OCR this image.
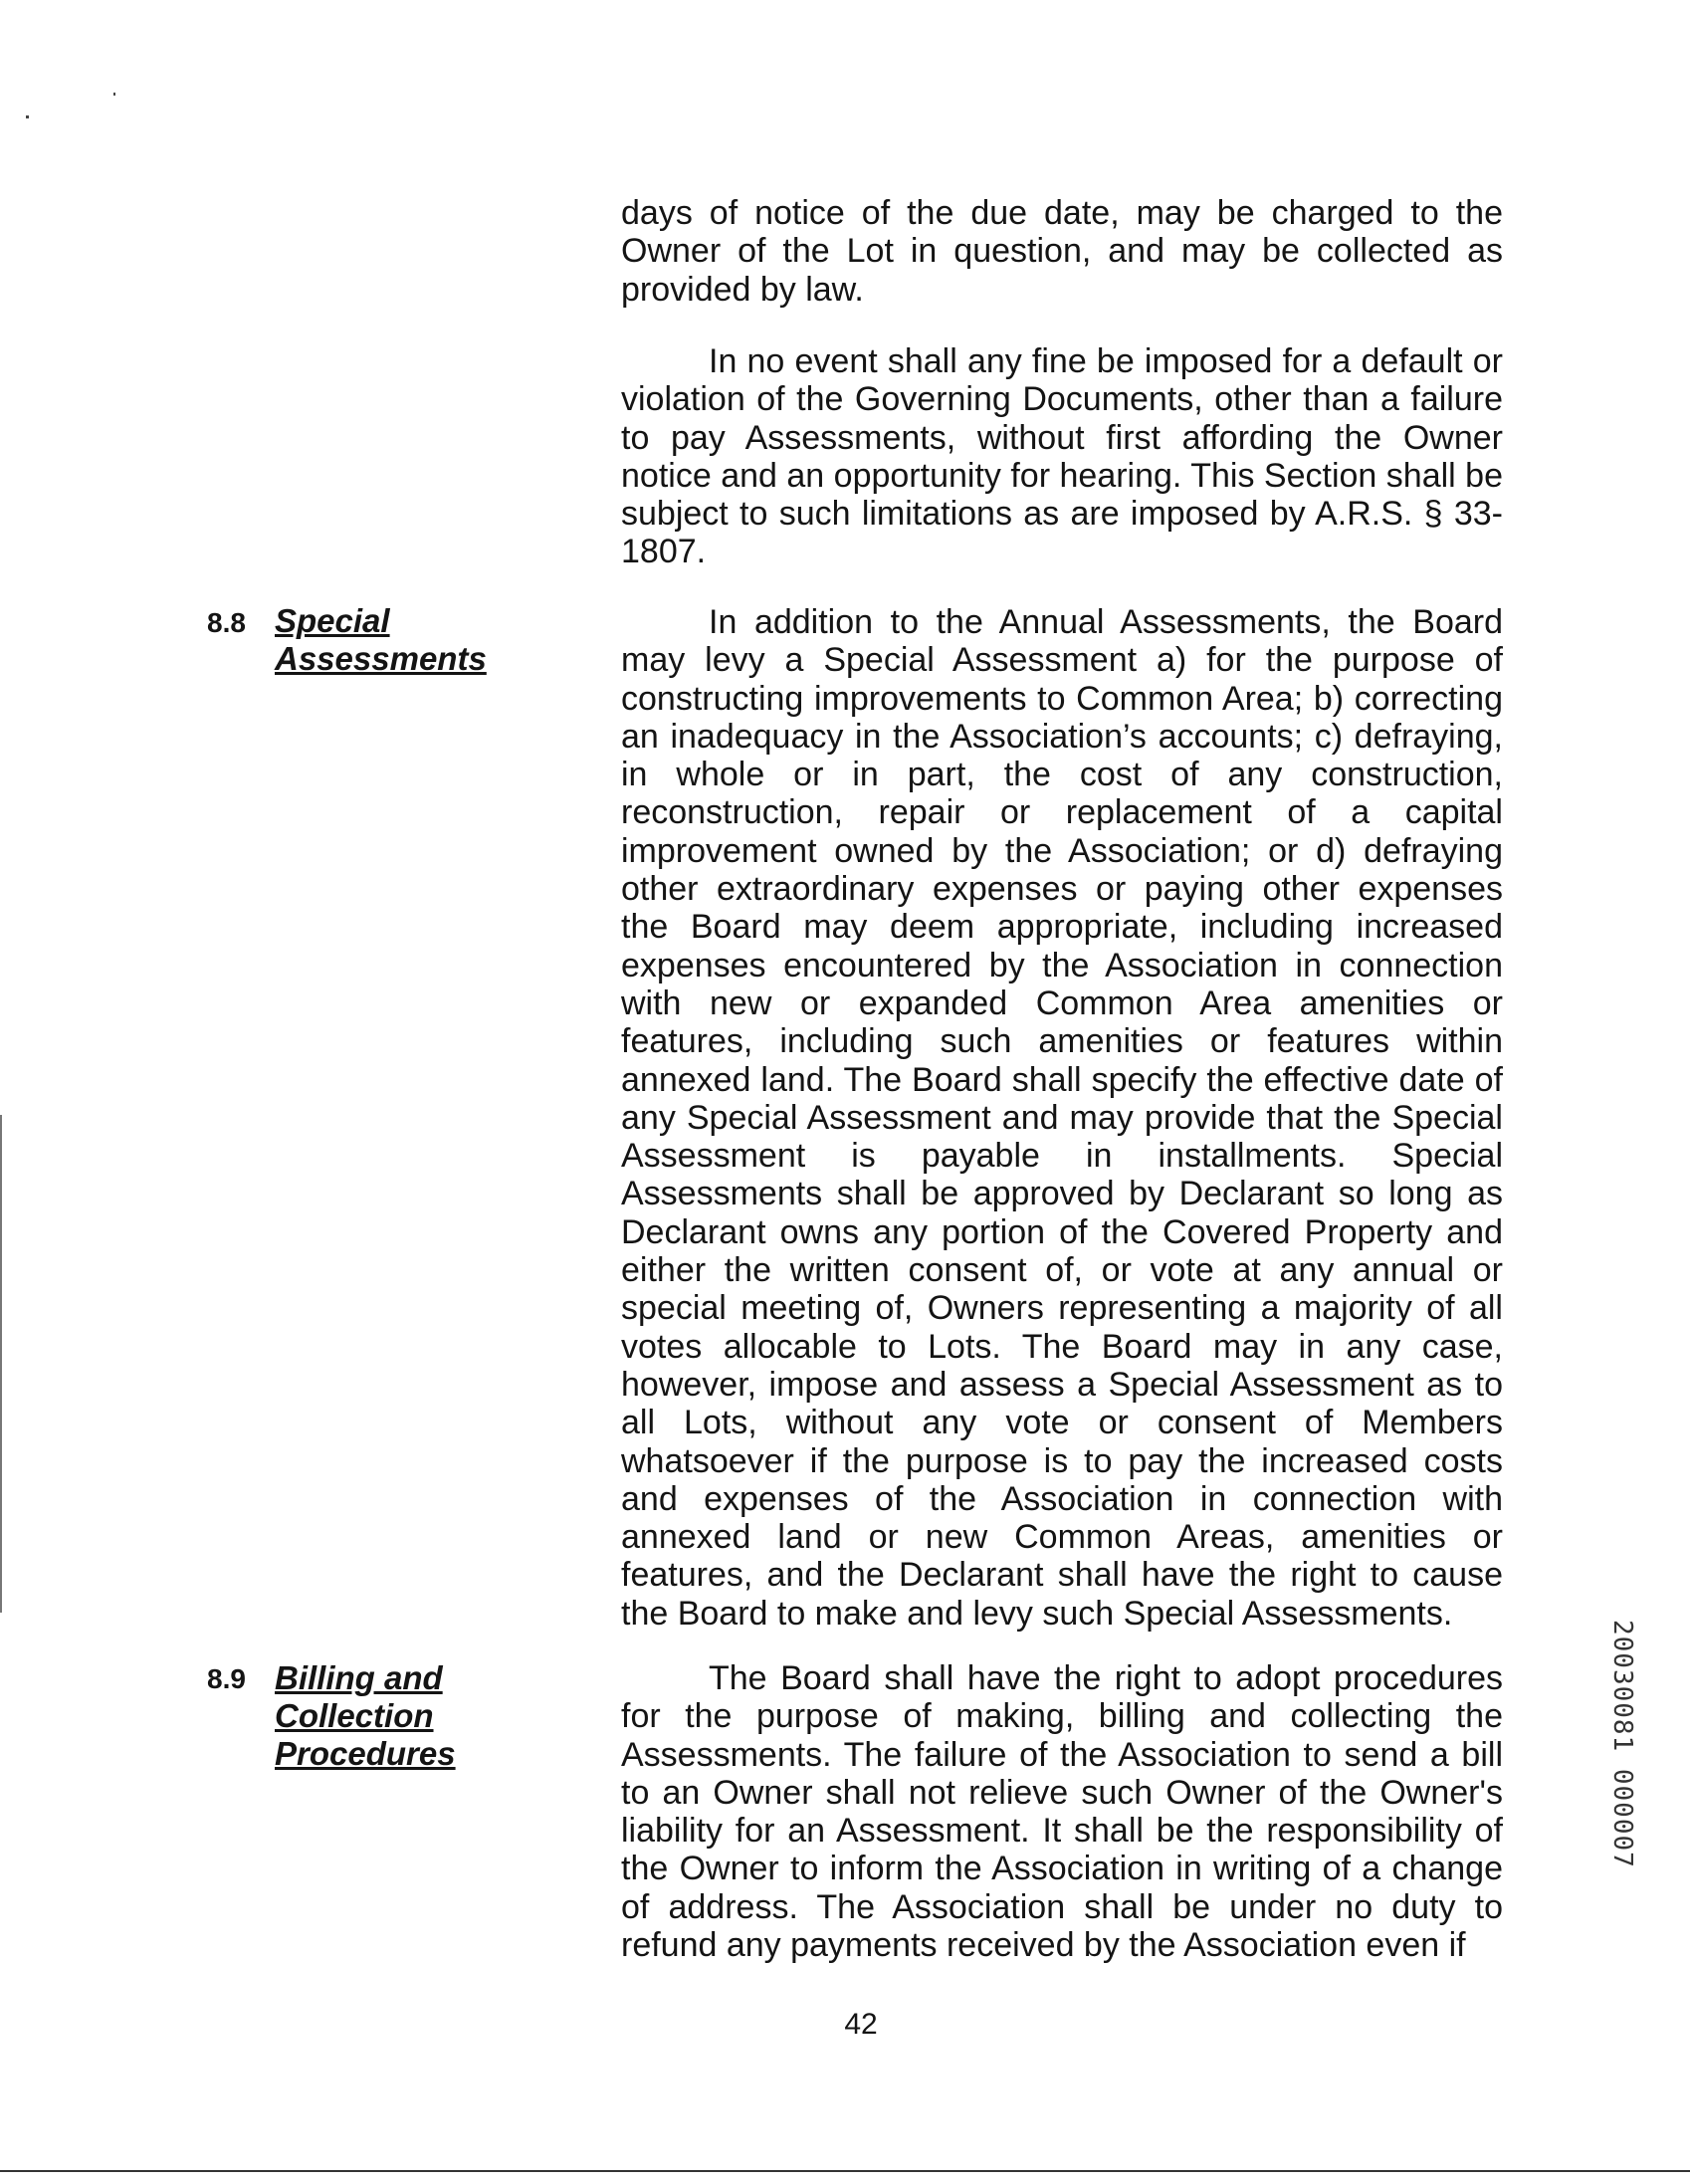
days of notice of the due date, may be charged to the Owner of the Lot in question, and may be collected as provided by law.

In no event shall any fine be imposed for a default or violation of the Governing Documents, other than a failure to pay Assessments, without first affording the Owner notice and an opportunity for hearing. This Section shall be subject to such limitations as are imposed by A.R.S. § 33-1807.

8.8 Special
Assessments

In addition to the Annual Assessments, the Board may levy a Special Assessment a) for the purpose of constructing improvements to Common Area; b) correcting an inadequacy in the Association’s accounts; c) defraying, in whole or in part, the cost of any construction, reconstruction, repair or replacement of a capital improvement owned by the Association; or d) defraying other extraordinary expenses or paying other expenses the Board may deem appropriate, including increased expenses encountered by the Association in connection with new or expanded Common Area amenities or features, including such amenities or features within annexed land. The Board shall specify the effective date of any Special Assessment and may provide that the Special Assessment is payable in installments. Special Assessments shall be approved by Declarant so long as Declarant owns any portion of the Covered Property and either the written consent of, or vote at any annual or special meeting of, Owners representing a majority of all votes allocable to Lots. The Board may in any case, however, impose and assess a Special Assessment as to all Lots, without any vote or consent of Members whatsoever if the purpose is to pay the increased costs and expenses of the Association in connection with annexed land or new Common Areas, amenities or features, and the Declarant shall have the right to cause the Board to make and levy such Special Assessments.

8.9 Billing and
Collection
Procedures

The Board shall have the right to adopt procedures for the purpose of making, billing and collecting the Assessments. The failure of the Association to send a bill to an Owner shall not relieve such Owner of the Owner's liability for an Assessment. It shall be the responsibility of the Owner to inform the Association in writing of a change of address. The Association shall be under no duty to refund any payments received by the Association even if

20030081 000007
42
